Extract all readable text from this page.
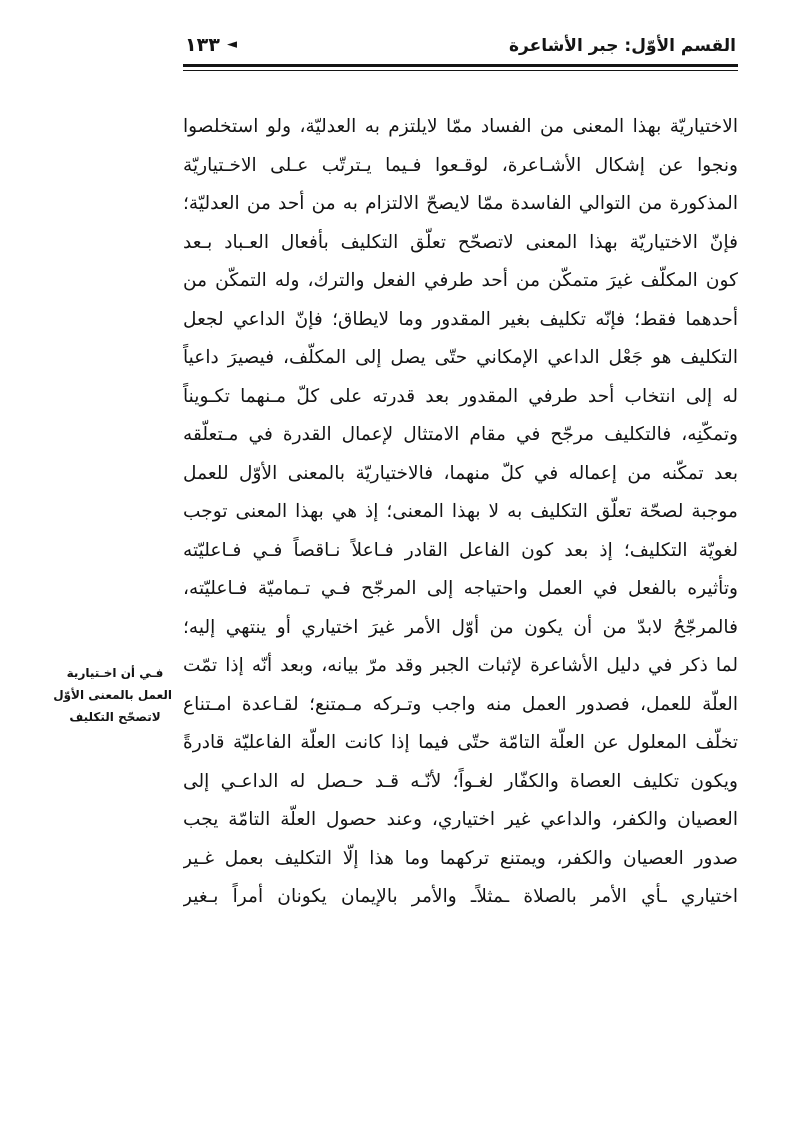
القسم الأوّل: جبر الأشاعرة
◄
١٣٣
فـي أن اخـتيارية
العمل بالمعنى الأوّل
لاتصحّح التكليف
الاختياريّة بهذا المعنى من الفساد ممّا لايلتزم به العدليّة، ولو استخلصوا
ونجوا عن إشكال الأشـاعرة، لوقـعوا فـيما يـترتّب عـلى الاخـتياريّة
المذكورة من التوالي الفاسدة ممّا لايصحّ الالتزام به من أحد من العدليّة؛
فإنّ الاختياريّة بهذا المعنى لاتصحّح تعلّق التكليف بأفعال العـباد بـعد
كون المكلّف غيرَ متمكّن من أحد طرفي الفعل والترك، وله التمكّن من
أحدهما فقط؛ فإنّه تكليف بغير المقدور وما لايطاق؛ فإنّ الداعي لجعل
التكليف هو جَعْل الداعي الإمكاني حتّى يصل إلى المكلّف، فيصيرَ داعياً
له إلى انتخاب أحد طرفي المقدور بعد قدرته على كلّ مـنهما تكـويناً
وتمكّنِه، فالتكليف مرجّح في مقام الامتثال لإعمال القدرة في مـتعلّقه
بعد تمكّنه من إعماله في كلّ منهما، فالاختياريّة بالمعنى الأوّل للعمل
موجبة لصحّة تعلّق التكليف به لا بهذا المعنى؛ إذ هي بهذا المعنى توجب
لغويّة التكليف؛ إذ بعد كون الفاعل القادر فـاعلاً نـاقصاً فـي فـاعليّته
وتأثيره بالفعل في العمل واحتياجه إلى المرجّح فـي تـماميّة فـاعليّته،
فالمرجّحُ لابدّ من أن يكون من أوّل الأمر غيرَ اختياري أو ينتهي إليه؛
لما ذكر في دليل الأشاعرة لإثبات الجبر وقد مرّ بيانه، وبعد أنّه إذا تمّت
العلّة للعمل، فصدور العمل منه واجب وتـركه مـمتنع؛ لقـاعدة امـتناع
تخلّف المعلول عن العلّة التامّة حتّى فيما إذا كانت العلّة الفاعليّة قادرةً
ويكون تكليف العصاة والكفّار لغـواً؛ لأنّـه قـد حـصل له الداعـي إلى
العصيان والكفر، والداعي غير اختياري، وعند حصول العلّة التامّة يجب
صدور العصيان والكفر، ويمتنع تركهما وما هذا إلّا التكليف بعمل غـير
اختياري ـأي الأمر بالصلاة ـمثلاًـ والأمر بالإيمان يكونان أمراً بـغير
